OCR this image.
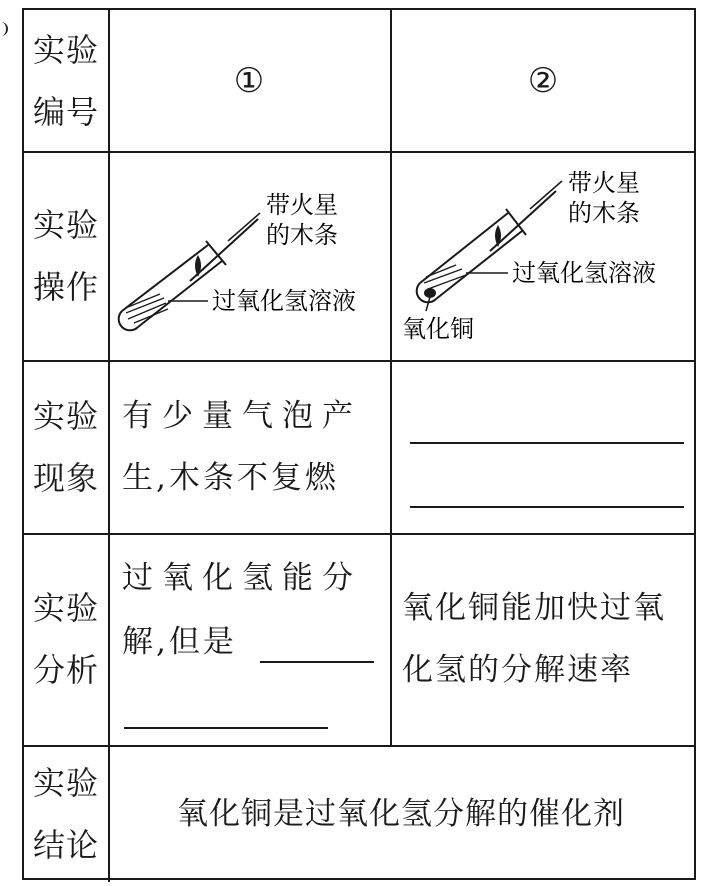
实验
编号
①	②
实验
操作
带火星
的木条
过氧化氢溶液
带火星
的木条
过氧化氢溶液
氧化铜
实验
现象
有少量气泡产
生,木条不复燃
实验
分析
过氧化氢能分
解,但是
氧化铜能加快过氧
化氢的分解速率
实验
结论
氧化铜是过氧化氢分解的催化剂
